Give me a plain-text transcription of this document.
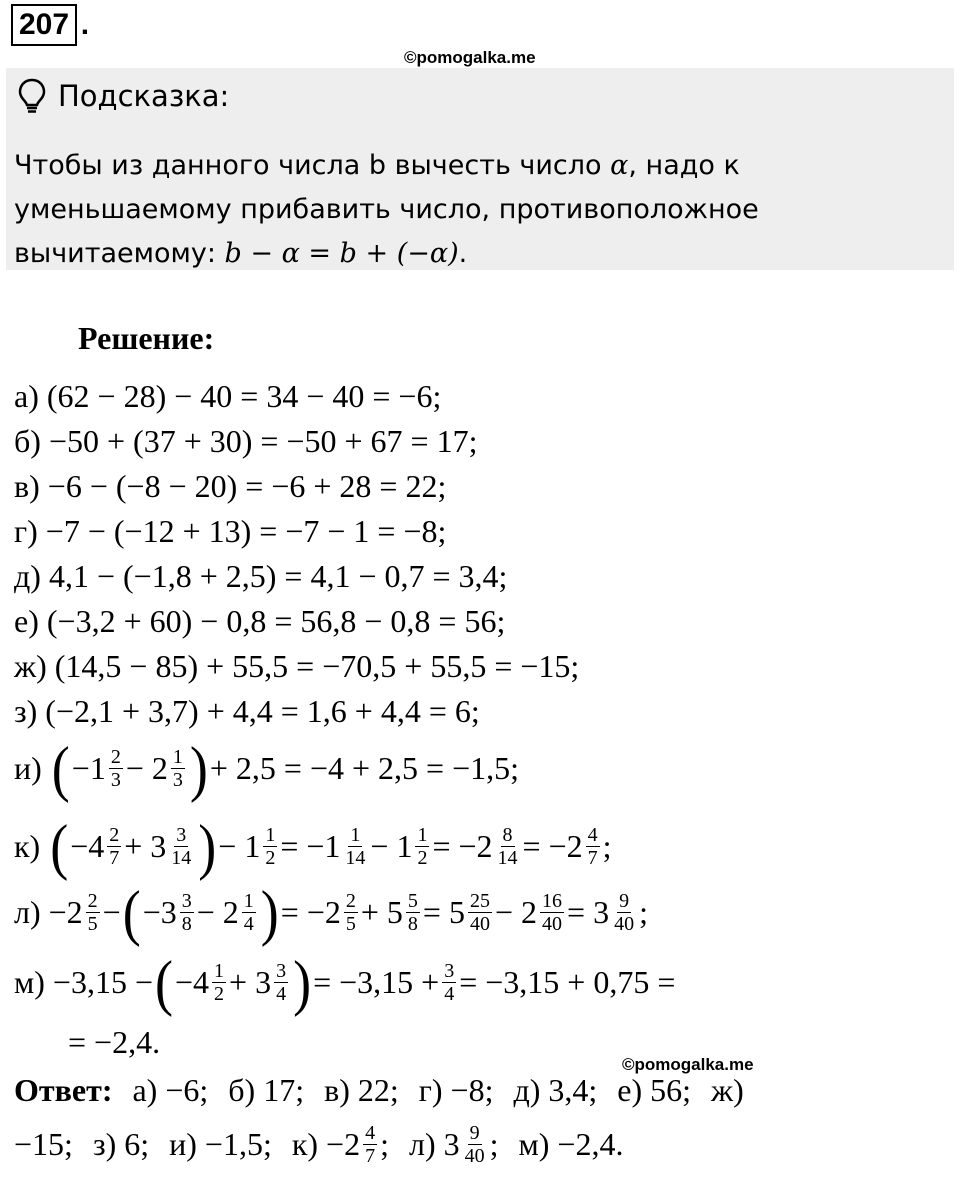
207 .
©pomogalka.me
Подсказка:
Чтобы из данного числа b вычесть число α, надо к
уменьшаемому прибавить число, противоположное
вычитаемому: b − α = b + (−α).
Решение:
а) (62 − 28) − 40 = 34 − 40 = −6;
б) −50 + (37 + 30) = −50 + 67 = 17;
в) −6 − (−8 − 20) = −6 + 28 = 22;
г) −7 − (−12 + 13) = −7 − 1 = −8;
д) 4,1 − (−1,8 + 2,5) = 4,1 − 0,7 = 3,4;
е) (−3,2 + 60) − 0,8 = 56,8 − 0,8 = 56;
ж) (14,5 − 85) + 55,5 = −70,5 + 55,5 = −15;
з) (−2,1 + 3,7) + 4,4 = 1,6 + 4,4 = 6;
и) ( −1 2
3 − 2 1
3 ) + 2,5 = −4 + 2,5 = −1,5;
к) ( −4 2
7 + 3 3
14 ) − $1 \frac{1}{2} = -1$ 1
$14 - 1 \frac{1}{2} = -2 \frac{8}{14} = -2$ 4
7 ;
л) −2 2
5 − ( −3 3
8 − 2 1
4 ) = −2 2
$5 + 5 \frac{5}{8} = 5$ 25
$40 - 2 \frac{16}{40} = 3$ 9
40 ;
м) −3,15 − ( −4 1
2 + 3 3
4 ) = $-3,15 + \frac{3}{4} = -3,15 + 0,75$ =
= −2,4.
©pomogalka.me
Ответ: а) −6; б) 17; в) 22; г) −8; д) 3,4; е) 56; ж)
−15; з) 6; и) −1,5; к) −2 4
7 ; л) 3 9
40 ; м) −2,4.
